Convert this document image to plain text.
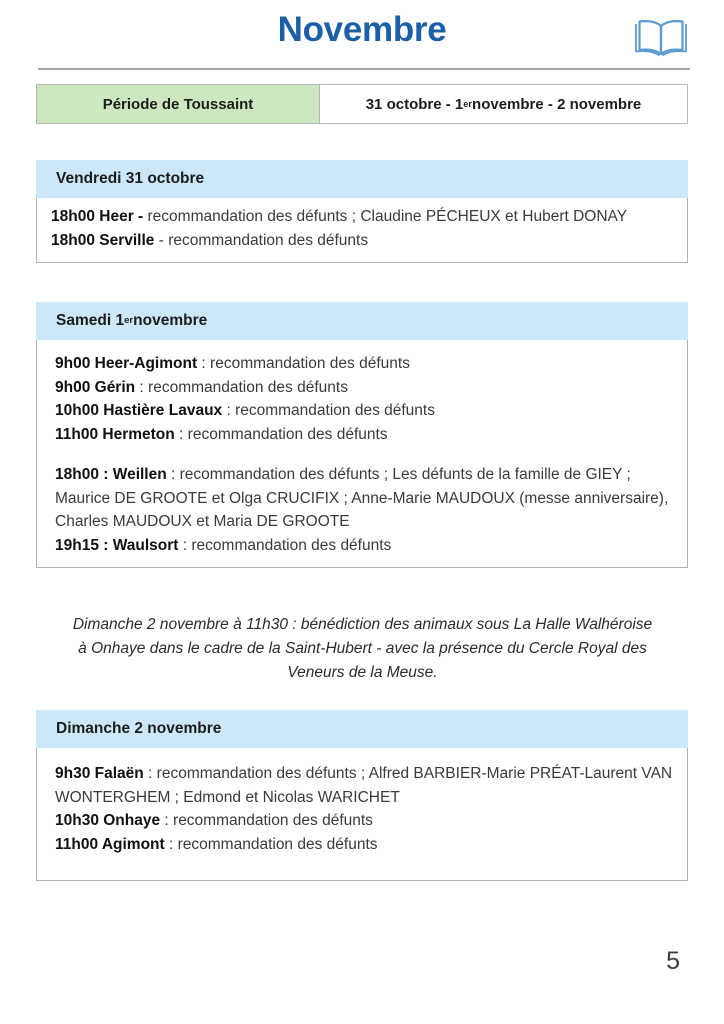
Novembre
Période de Toussaint	31 octobre - 1 er novembre - 2 novembre
Vendredi 31 octobre

18h00 Heer - recommandation des défunts ; Claudine PÉCHEUX et Hubert DONAY

18h00 Serville - recommandation des défunts

Samedi 1 er novembre

9h00 Heer-Agimont : recommandation des défunts

9h00 Gérin : recommandation des défunts

10h00 Hastière Lavaux : recommandation des défunts

11h00 Hermeton : recommandation des défunts

18h00 : Weillen : recommandation des défunts ; Les défunts de la famille de GIEY ; Maurice DE GROOTE et Olga CRUCIFIX ; Anne-Marie MAUDOUX (messe anniversaire), Charles MAUDOUX et Maria DE GROOTE

19h15 : Waulsort : recommandation des défunts

Dimanche 2 novembre à 11h30 : bénédiction des animaux sous La Halle Walhéroise à Onhaye dans le cadre de la Saint-Hubert - avec la présence du Cercle Royal des Veneurs de la Meuse.
Dimanche 2 novembre

9h30 Falaën : recommandation des défunts ; Alfred BARBIER-Marie PRÉAT-Laurent VAN WONTERGHEM ; Edmond et Nicolas WARICHET

10h30 Onhaye : recommandation des défunts

11h00 Agimont : recommandation des défunts

5
